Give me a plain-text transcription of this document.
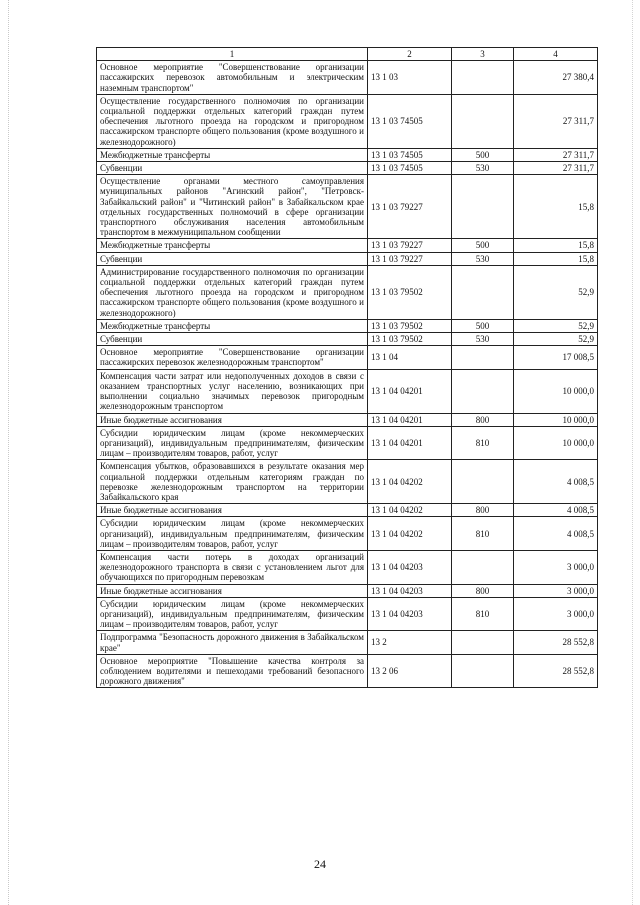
1	2	3	4
Основное мероприятие "Совершенствование организации пассажирских перевозок автомобильным и электрическим наземным транспортом"	13 1 03		27 380,4
Осуществление государственного полномочия по организации социальной поддержки отдельных категорий граждан путем обеспечения льготного проезда на городском и пригородном пассажирском транспорте общего пользования (кроме воздушного и железнодорожного)	13 1 03 74505		27 311,7
Межбюджетные трансферты	13 1 03 74505	500	27 311,7
Субвенции	13 1 03 74505	530	27 311,7
Осуществление органами местного самоуправления муниципальных районов "Агинский район", "Петровск-Забайкальский район" и "Читинский район" в Забайкальском крае отдельных государственных полномочий в сфере организации транспортного обслуживания населения автомобильным транспортом в межмуниципальном сообщении	13 1 03 79227		15,8
Межбюджетные трансферты	13 1 03 79227	500	15,8
Субвенции	13 1 03 79227	530	15,8
Администрирование государственного полномочия по организации социальной поддержки отдельных категорий граждан путем обеспечения льготного проезда на городском и пригородном пассажирском транспорте общего пользования (кроме воздушного и железнодорожного)	13 1 03 79502		52,9
Межбюджетные трансферты	13 1 03 79502	500	52,9
Субвенции	13 1 03 79502	530	52,9
Основное мероприятие "Совершенствование организации пассажирских перевозок железнодорожным транспортом"	13 1 04		17 008,5
Компенсация части затрат или недополученных доходов в связи с оказанием транспортных услуг населению, возникающих при выполнении социально значимых перевозок пригородным железнодорожным транспортом	13 1 04 04201		10 000,0
Иные бюджетные ассигнования	13 1 04 04201	800	10 000,0
Субсидии юридическим лицам (кроме некоммерческих организаций), индивидуальным предпринимателям, физическим лицам – производителям товаров, работ, услуг	13 1 04 04201	810	10 000,0
Компенсация убытков, образовавшихся в результате оказания мер социальной поддержки отдельным категориям граждан по перевозке железнодорожным транспортом на территории Забайкальского края	13 1 04 04202		4 008,5
Иные бюджетные ассигнования	13 1 04 04202	800	4 008,5
Субсидии юридическим лицам (кроме некоммерческих организаций), индивидуальным предпринимателям, физическим лицам – производителям товаров, работ, услуг	13 1 04 04202	810	4 008,5
Компенсация части потерь в доходах организаций железнодорожного транспорта в связи с установлением льгот для обучающихся по пригородным перевозкам	13 1 04 04203		3 000,0
Иные бюджетные ассигнования	13 1 04 04203	800	3 000,0
Субсидии юридическим лицам (кроме некоммерческих организаций), индивидуальным предпринимателям, физическим лицам – производителям товаров, работ, услуг	13 1 04 04203	810	3 000,0
Подпрограмма "Безопасность дорожного движения в Забайкальском крае"	13 2		28 552,8
Основное мероприятие "Повышение качества контроля за соблюдением водителями и пешеходами требований безопасного дорожного движения"	13 2 06		28 552,8
24
